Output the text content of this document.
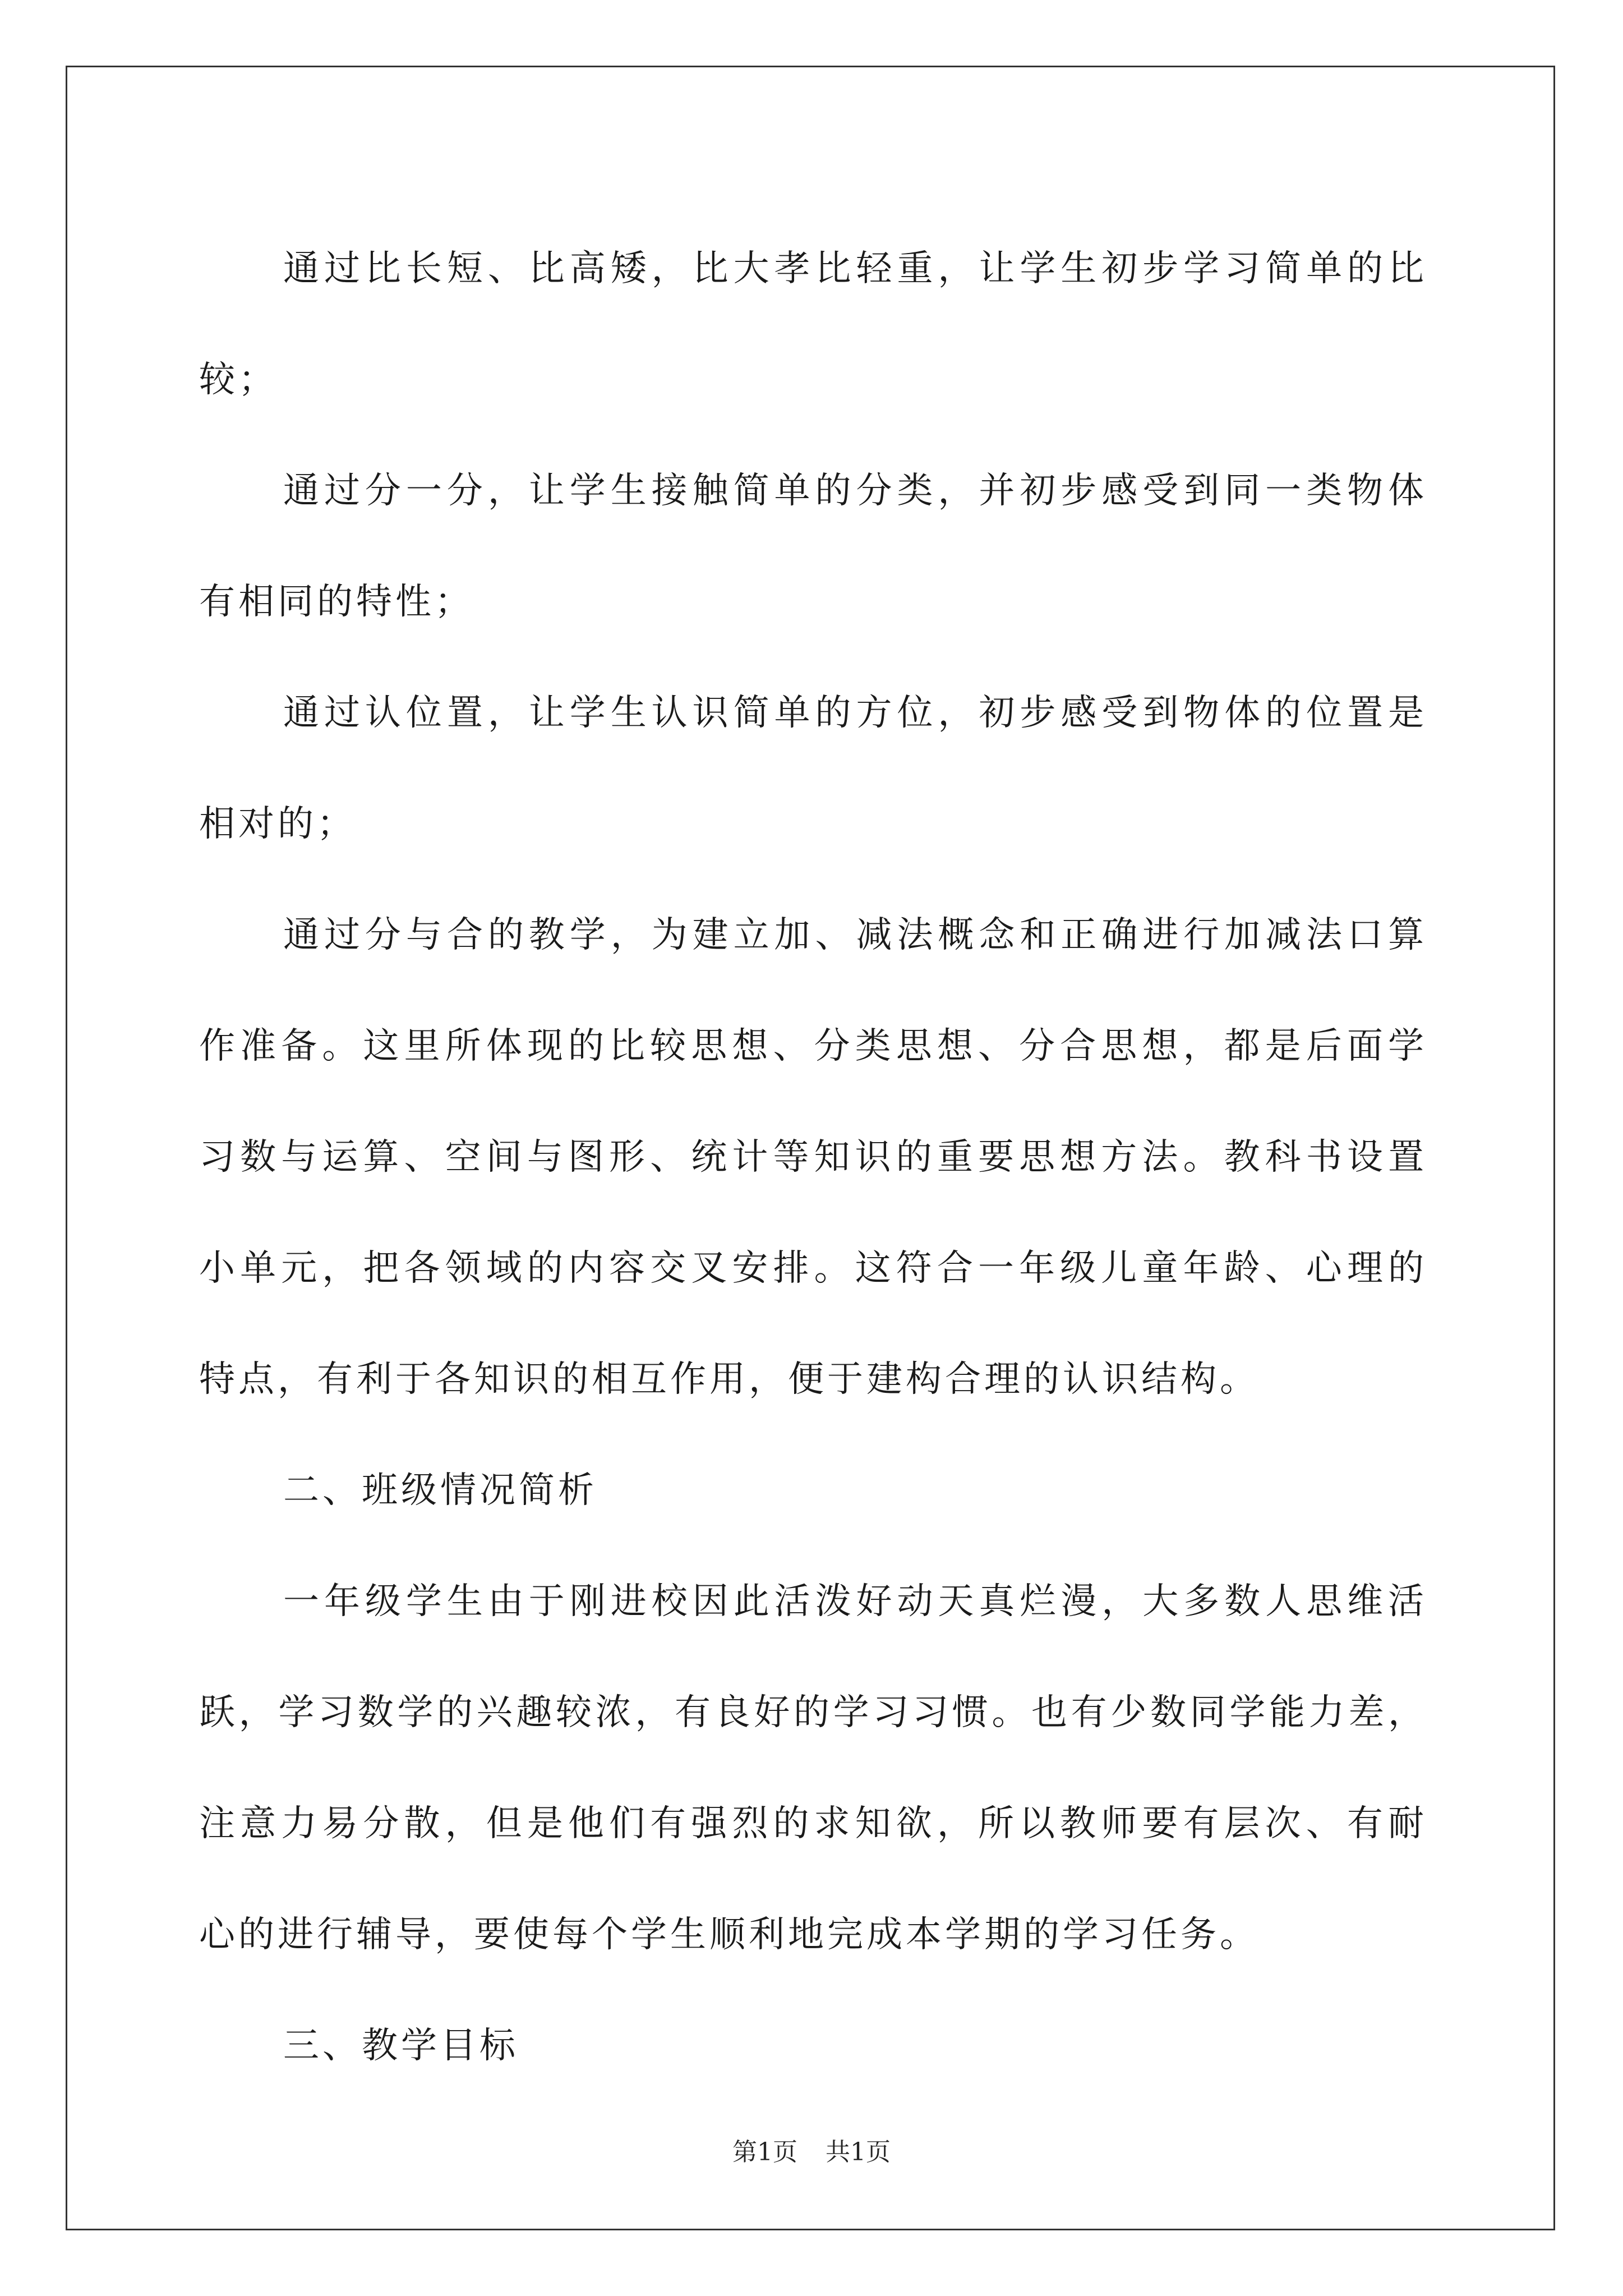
通过比长短、比高矮，比大孝比轻重，让学生初步学习简单的比
较；

通过分一分，让学生接触简单的分类，并初步感受到同一类物体
有相同的特性；

通过认位置，让学生认识简单的方位，初步感受到物体的位置是
相对的；

通过分与合的教学，为建立加、减法概念和正确进行加减法口算
作准备。这里所体现的比较思想、分类思想、分合思想，都是后面学
习数与运算、空间与图形、统计等知识的重要思想方法。教科书设置
小单元，把各领域的内容交叉安排。这符合一年级儿童年龄、心理的
特点，有利于各知识的相互作用，便于建构合理的认识结构。

二、班级情况简析

一年级学生由于刚进校因此活泼好动天真烂漫，大多数人思维活
跃，学习数学的兴趣较浓，有良好的学习习惯。也有少数同学能力差，
注意力易分散，但是他们有强烈的求知欲，所以教师要有层次、有耐
心的进行辅导，要使每个学生顺利地完成本学期的学习任务。

三、教学目标

第1页 共1页
